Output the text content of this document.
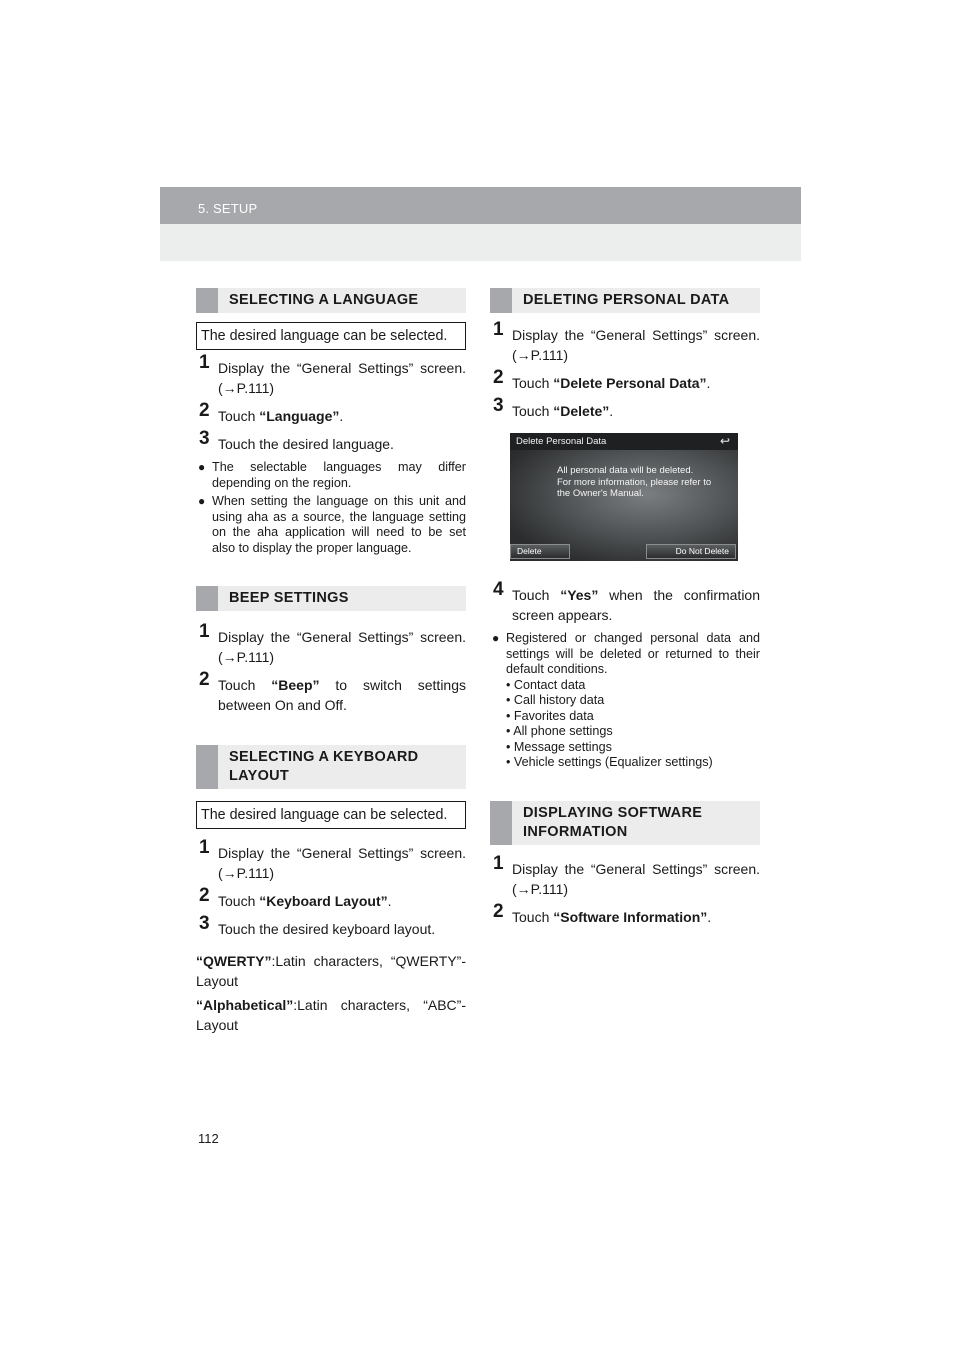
5. SETUP
SELECTING A LANGUAGE
The desired language can be selected.
1 Display the “General Settings” screen. (→P.111)
2 Touch “Language”.
3 Touch the desired language.
● The selectable languages may differ depending on the region.
● When setting the language on this unit and using aha as a source, the language setting on the aha application will need to be set also to display the proper language.
BEEP SETTINGS
1 Display the “General Settings” screen. (→P.111)
2 Touch “Beep” to switch settings between On and Off.
SELECTING A KEYBOARD LAYOUT
The desired language can be selected.
1 Display the “General Settings” screen. (→P.111)
2 Touch “Keyboard Layout”.
3 Touch the desired keyboard layout.
“QWERTY”:Latin characters, “QWERTY”-Layout
“Alphabetical”:Latin characters, “ABC”-Layout
DELETING PERSONAL DATA
1 Display the “General Settings” screen. (→P.111)
2 Touch “Delete Personal Data”.
3 Touch “Delete”.
Delete Personal Data	↩
All personal data will be deleted.
For more information, please refer to
the Owner's Manual.
Delete	Do Not Delete
4 Touch “Yes” when the confirmation screen appears.
● Registered or changed personal data and settings will be deleted or returned to their default conditions.
• Contact data
• Call history data
• Favorites data
• All phone settings
• Message settings
• Vehicle settings (Equalizer settings)
DISPLAYING SOFTWARE INFORMATION
1 Display the “General Settings” screen. (→P.111)
2 Touch “Software Information”.
112
